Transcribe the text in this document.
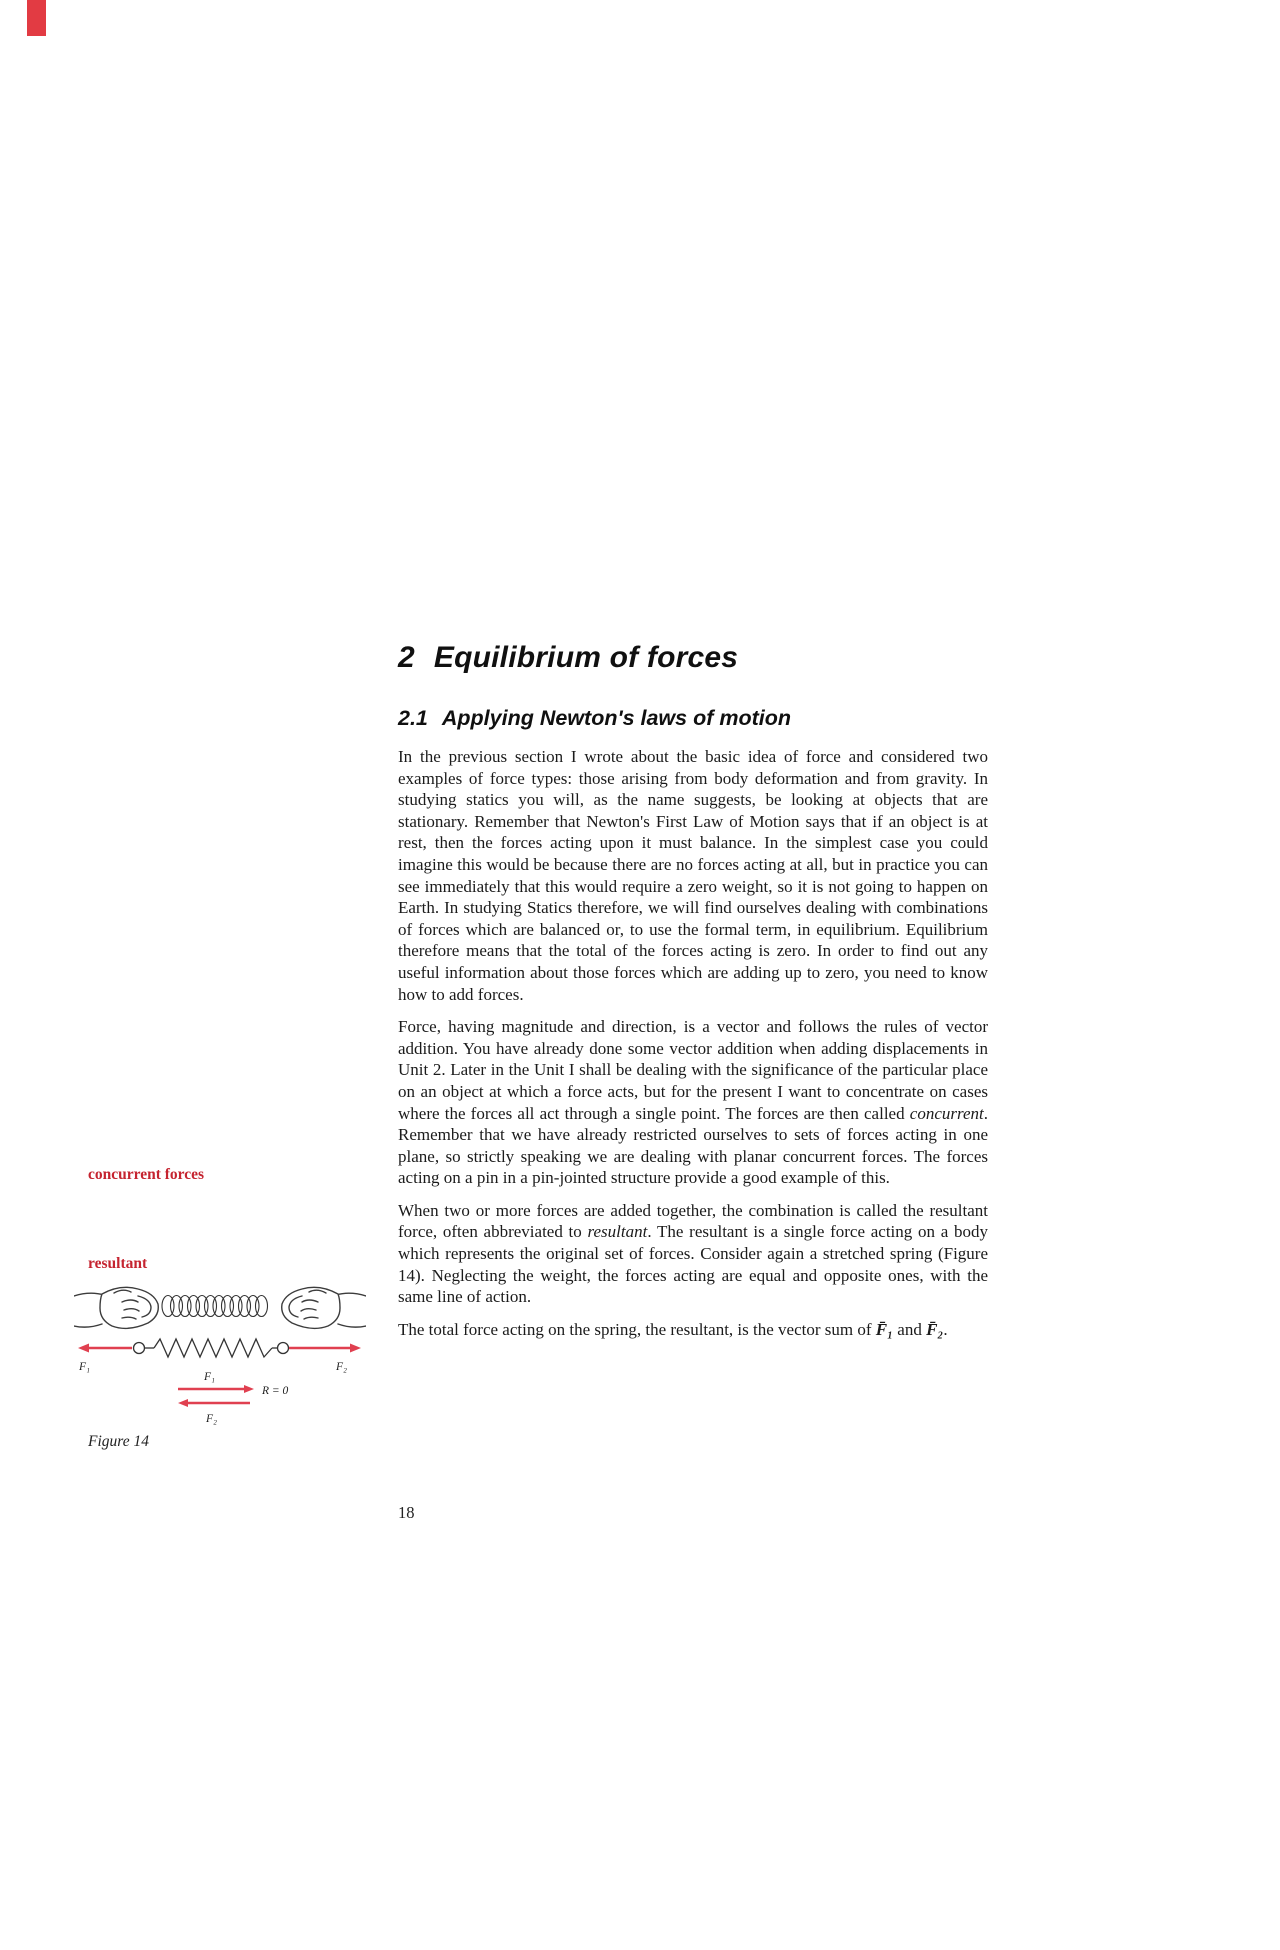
2 Equilibrium of forces
2.1 Applying Newton's laws of motion

In the previous section I wrote about the basic idea of force and considered two examples of force types: those arising from body deformation and from gravity. In studying statics you will, as the name suggests, be looking at objects that are stationary. Remember that Newton's First Law of Motion says that if an object is at rest, then the forces acting upon it must balance. In the simplest case you could imagine this would be because there are no forces acting at all, but in practice you can see immediately that this would require a zero weight, so it is not going to happen on Earth. In studying Statics therefore, we will find ourselves dealing with combinations of forces which are balanced or, to use the formal term, in equilibrium. Equilibrium therefore means that the total of the forces acting is zero. In order to find out any useful information about those forces which are adding up to zero, you need to know how to add forces.

Force, having magnitude and direction, is a vector and follows the rules of vector addition. You have already done some vector addition when adding displacements in Unit 2. Later in the Unit I shall be dealing with the significance of the particular place on an object at which a force acts, but for the present I want to concentrate on cases where the forces all act through a single point. The forces are then called concurrent. Remember that we have already restricted ourselves to sets of forces acting in one plane, so strictly speaking we are dealing with planar concurrent forces. The forces acting on a pin in a pin-jointed structure provide a good example of this.

When two or more forces are added together, the combination is called the resultant force, often abbreviated to resultant. The resultant is a single force acting on a body which represents the original set of forces. Consider again a stretched spring (Figure 14). Neglecting the weight, the forces acting are equal and opposite ones, with the same line of action.

The total force acting on the spring, the resultant, is the vector sum of F̄₁ and F̄₂.

concurrent forces
resultant
F₁	F₂
F₁
R = 0
F₂
Figure 14
18
